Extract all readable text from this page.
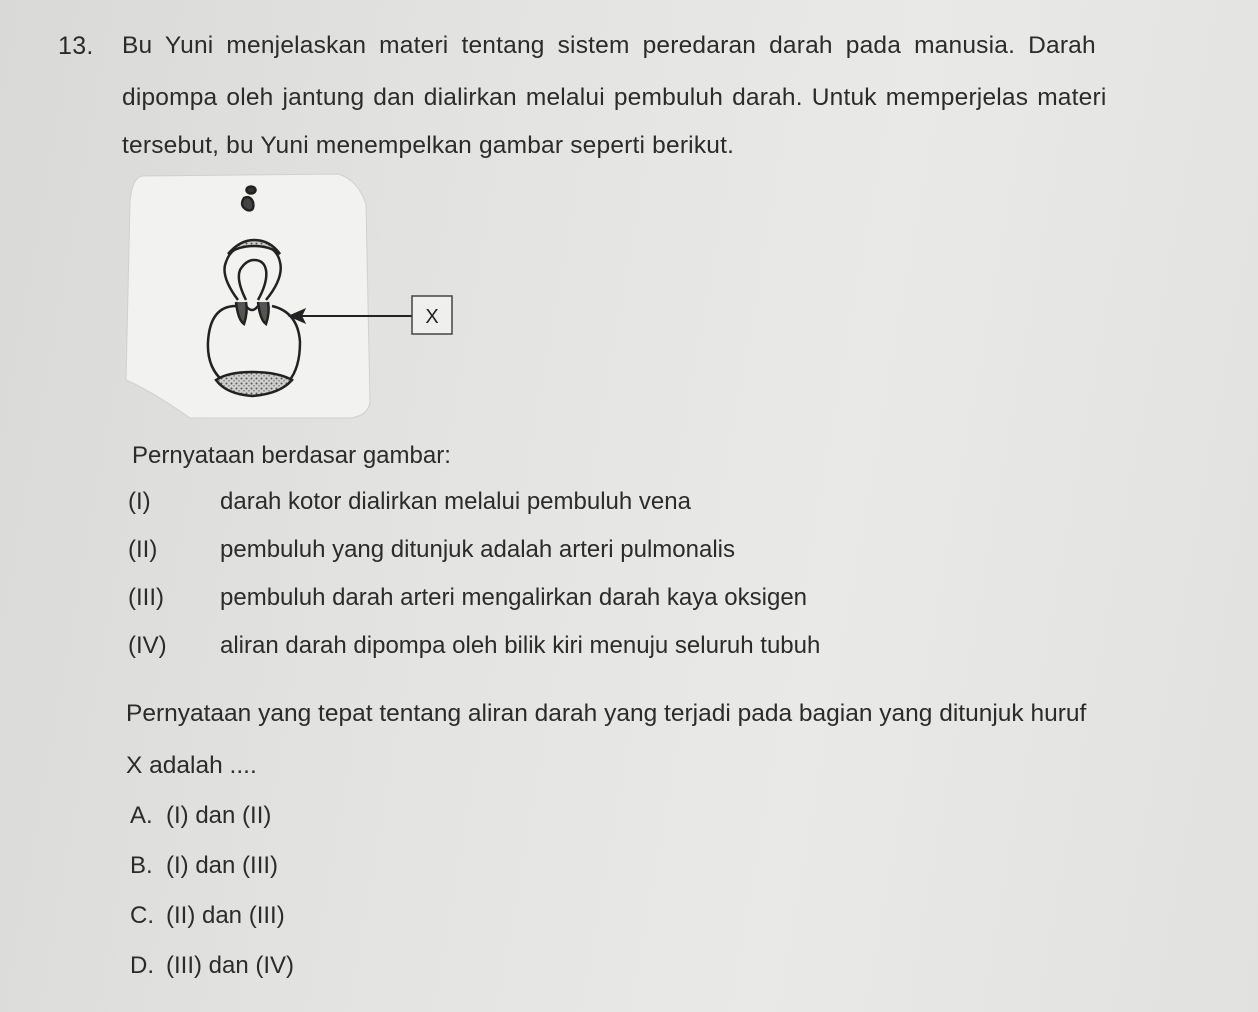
13. Bu Yuni menjelaskan materi tentang sistem peredaran darah pada manusia. Darah
dipompa oleh jantung dan dialirkan melalui pembuluh darah. Untuk memperjelas materi
tersebut, bu Yuni menempelkan gambar seperti berikut.
X
Pernyataan berdasar gambar:
(I)	darah kotor dialirkan melalui pembuluh vena
(II)	pembuluh yang ditunjuk adalah arteri pulmonalis
(III) pembuluh darah arteri mengalirkan darah kaya oksigen
(IV) aliran darah dipompa oleh bilik kiri menuju seluruh tubuh
Pernyataan yang tepat tentang aliran darah yang terjadi pada bagian yang ditunjuk huruf
X adalah ....
A. (I) dan (II)
B. (I) dan (III)
C. (II) dan (III)
D. (III) dan (IV)
